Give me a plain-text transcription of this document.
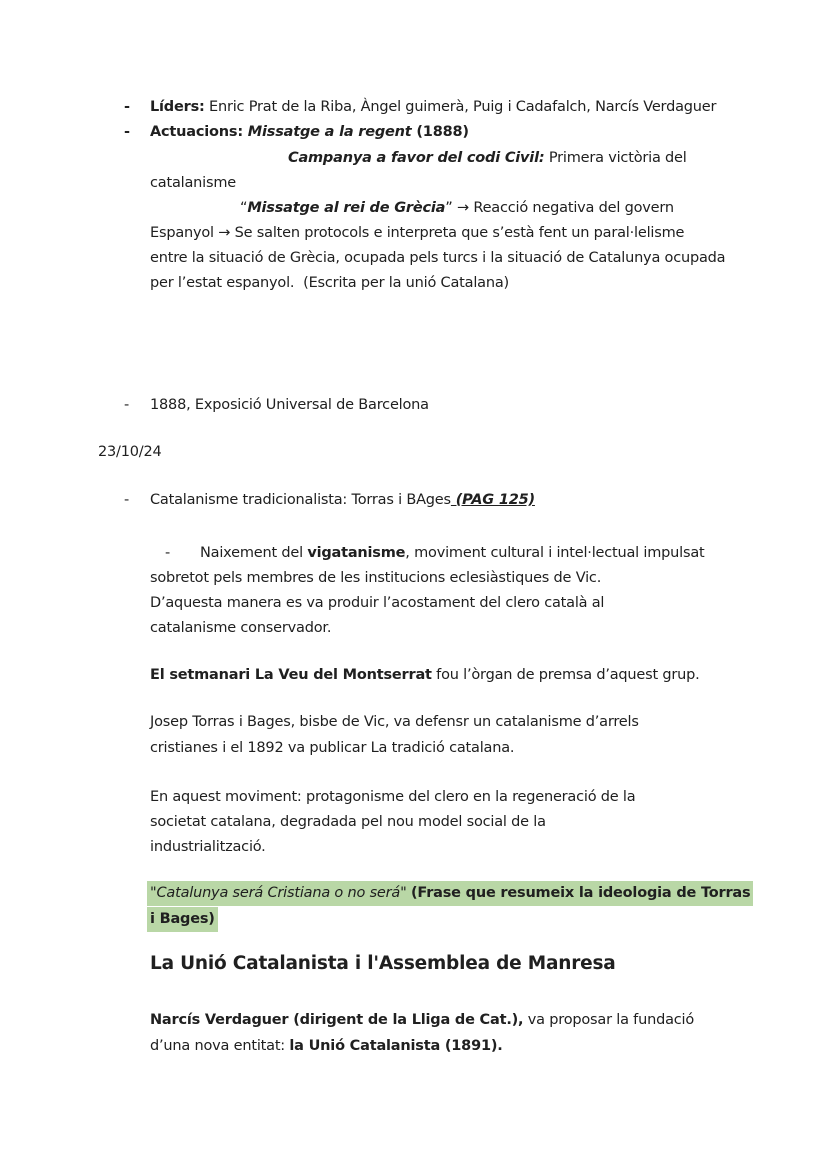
- Líders: Enric Prat de la Riba, Àngel guimerà, Puig i Cadafalch, Narcís Verdaguer
- Actuacions: Missatge a la regent (1888)
Campanya a favor del codi Civil: Primera victòria del
catalanisme
“Missatge al rei de Grècia” → Reacció negativa del govern
Espanyol → Se salten protocols e interpreta que s’està fent un paral·lelisme
entre la situació de Grècia, ocupada pels turcs i la situació de Catalunya ocupada
per l’estat espanyol.  (Escrita per la unió Catalana)
- 1888, Exposició Universal de Barcelona
23/10/24
- Catalanisme tradicionalista: Torras i BAges (PAG 125)
- Naixement del vigatanisme, moviment cultural i intel·lectual impulsat
sobretot pels membres de les institucions eclesiàstiques de Vic.
D’aquesta manera es va produir l’acostament del clero català al
catalanisme conservador.
El setmanari La Veu del Montserrat fou l’òrgan de premsa d’aquest grup.
Josep Torras i Bages, bisbe de Vic, va defensr un catalanisme d’arrels
cristianes i el 1892 va publicar La tradició catalana.
En aquest moviment: protagonisme del clero en la regeneració de la
societat catalana, degradada pel nou model social de la
industrialització.
"Catalunya será Cristiana o no será" (Frase que resumeix la ideologia de Torras
i Bages)
La Unió Catalanista i l'Assemblea de Manresa
Narcís Verdaguer (dirigent de la Lliga de Cat.), va proposar la fundació
d’una nova entitat: la Unió Catalanista (1891).
